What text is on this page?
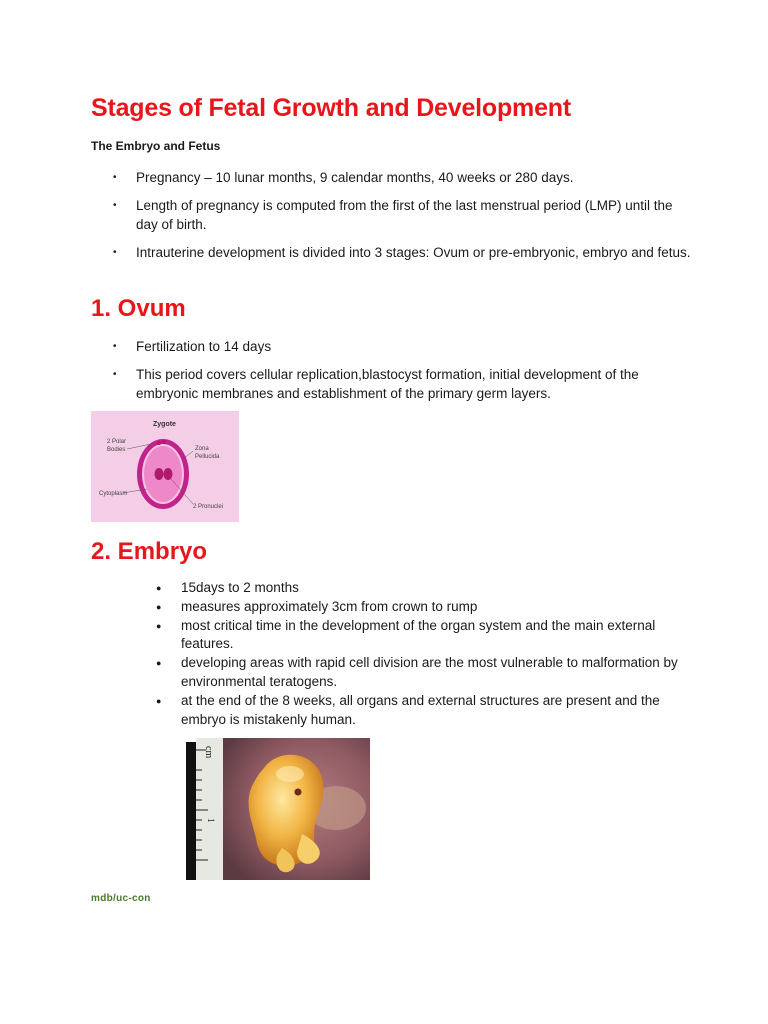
Stages of Fetal Growth and Development
The Embryo and Fetus
• Pregnancy – 10 lunar months, 9 calendar months, 40 weeks or 280 days.
• Length of pregnancy is computed from the first of the last menstrual period (LMP) until the day of birth.
• Intrauterine development is divided into 3 stages: Ovum or pre-embryonic, embryo and fetus.
1. Ovum
• Fertilization to 14 days
• This period covers cellular replication,blastocyst formation, initial development of the embryonic membranes and establishment of the primary germ layers.
Zygote
2 Polar
Bodies	Zona
Pellucida
Cytoplasm
2 Pronuclei
2. Embryo
● 15days to 2 months
● measures approximately 3cm from crown to rump
● most critical time in the development of the organ system and the main external features.
● developing areas with rapid cell division are the most vulnerable to malformation by environmental teratogens.
● at the end of the 8 weeks, all organs and external structures are present and the embryo is mistakenly human.
cm
1
mdb/uc-con
